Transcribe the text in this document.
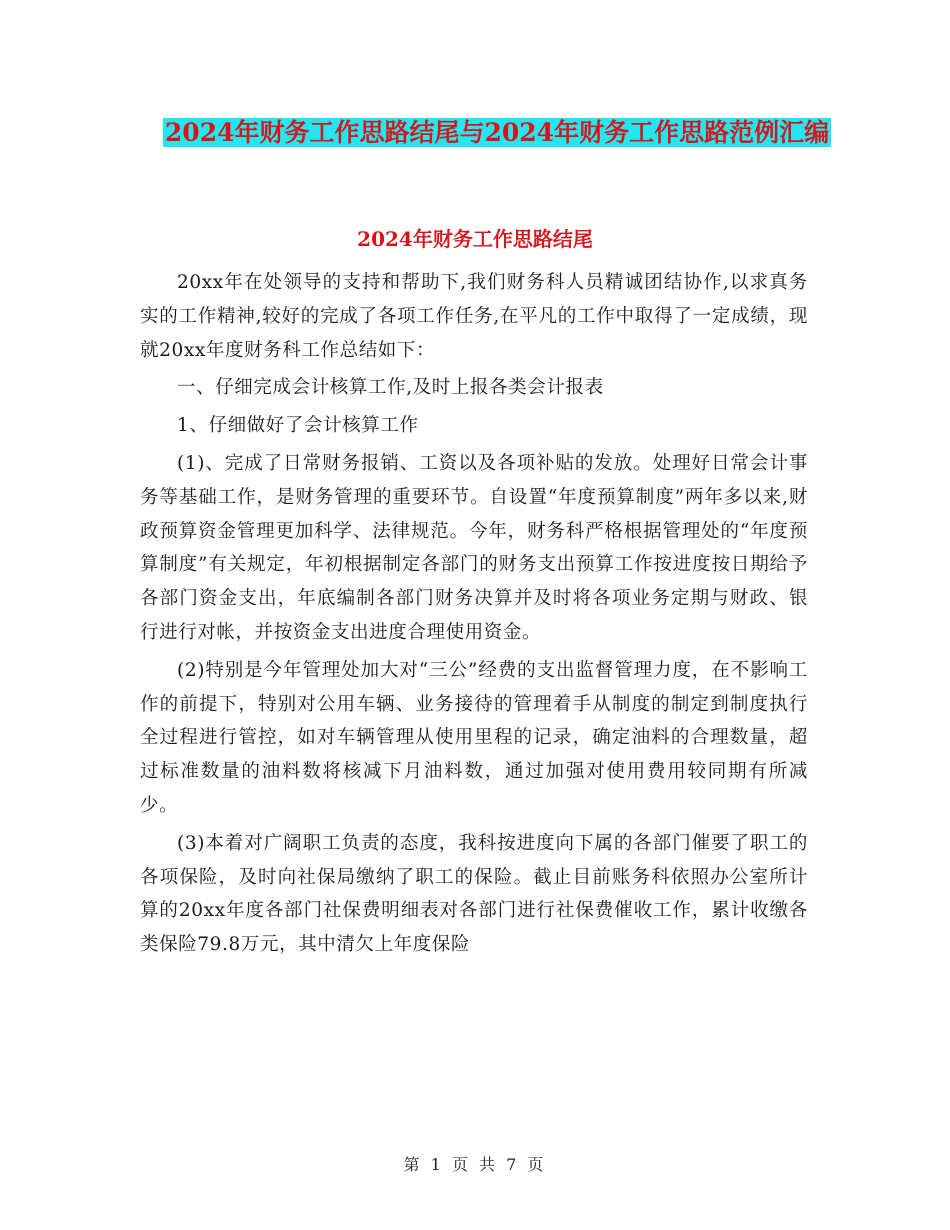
2024年财务工作思路结尾与2024年财务工作思路范例汇编
2024年财务工作思路结尾

20xx年在处领导的支持和帮助下,我们财务科人员精诚团结协作,以求真务实的工作精神,较好的完成了各项工作任务,在平凡的工作中取得了一定成绩，现就20xx年度财务科工作总结如下：

一、仔细完成会计核算工作,及时上报各类会计报表

1、仔细做好了会计核算工作

(1)、完成了日常财务报销、工资以及各项补贴的发放。处理好日常会计事务等基础工作，是财务管理的重要环节。自设置“年度预算制度”两年多以来,财政预算资金管理更加科学、法律规范。今年，财务科严格根据管理处的“年度预算制度”有关规定，年初根据制定各部门的财务支出预算工作按进度按日期给予各部门资金支出，年底编制各部门财务决算并及时将各项业务定期与财政、银行进行对帐，并按资金支出进度合理使用资金。

(2)特别是今年管理处加大对“三公”经费的支出监督管理力度，在不影响工作的前提下，特别对公用车辆、业务接待的管理着手从制度的制定到制度执行全过程进行管控，如对车辆管理从使用里程的记录，确定油料的合理数量，超过标准数量的油料数将核减下月油料数，通过加强对使用费用较同期有所减少。

(3)本着对广阔职工负责的态度，我科按进度向下属的各部门催要了职工的各项保险，及时向社保局缴纳了职工的保险。截止目前账务科依照办公室所计算的20xx年度各部门社保费明细表对各部门进行社保费催收工作，累计收缴各类保险79.8万元，其中清欠上年度保险

第 1 页 共 7 页
